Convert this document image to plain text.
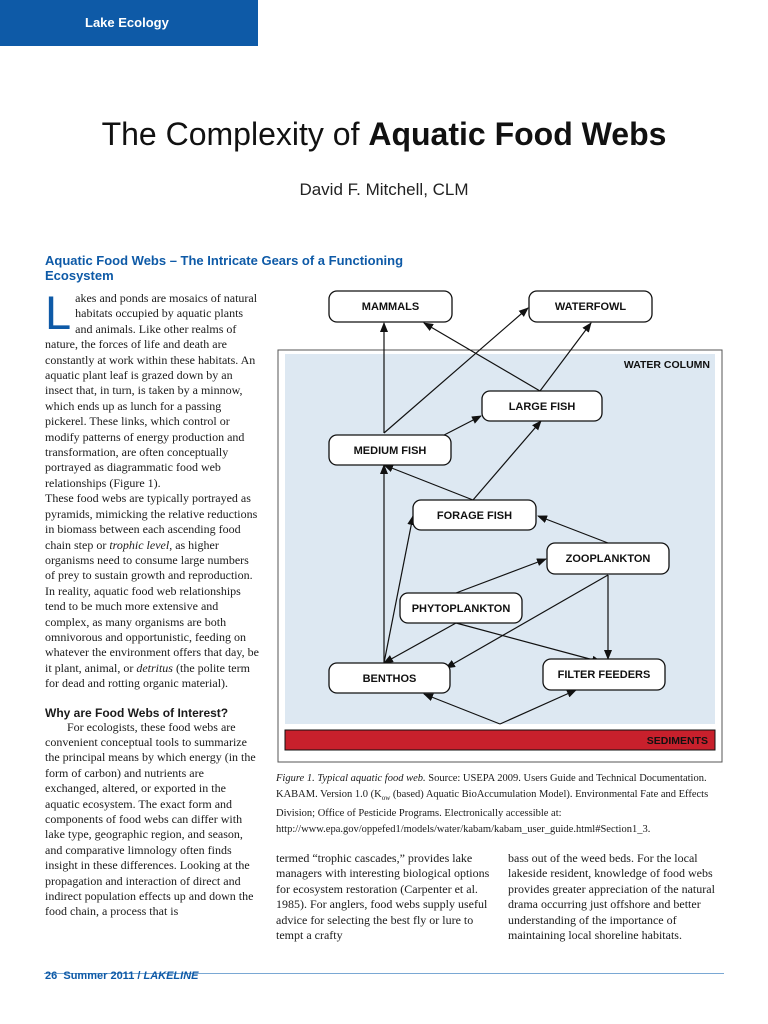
Lake Ecology
The Complexity of Aquatic Food Webs
David F. Mitchell, CLM
Aquatic Food Webs – The Intricate Gears of a Functioning Ecosystem

Lakes and ponds are mosaics of natural habitats occupied by aquatic plants and animals. Like other realms of nature, the forces of life and death are constantly at work within these habitats. An aquatic plant leaf is grazed down by an insect that, in turn, is taken by a minnow, which ends up as lunch for a passing pickerel. These links, which control or modify patterns of energy production and transformation, are often conceptually portrayed as diagrammatic food web relationships (Figure 1).

These food webs are typically portrayed as pyramids, mimicking the relative reductions in biomass between each ascending food chain step or trophic level, as higher organisms need to consume large numbers of prey to sustain growth and reproduction. In reality, aquatic food web relationships tend to be much more extensive and complex, as many organisms are both omnivorous and opportunistic, feeding on whatever the environment offers that day, be it plant, animal, or detritus (the polite term for dead and rotting organic material).

Why are Food Webs of Interest?

For ecologists, these food webs are convenient conceptual tools to summarize the principal means by which energy (in the form of carbon) and nutrients are exchanged, altered, or exported in the aquatic ecosystem. The exact form and components of food webs can differ with lake type, geographic region, and season, and comparative limnology often finds insight in these differences. Looking at the propagation and interaction of direct and indirect population effects up and down the food chain, a process that is

WATER COLUMN
SEDIMENTS
MAMMALS	WATERFOWL
LARGE FISH
MEDIUM FISH
FORAGE FISH
ZOOPLANKTON
PHYTOPLANKTON
BENTHOS	FILTER FEEDERS
Figure 1. Typical aquatic food web. Source: USEPA 2009. Users Guide and Technical Documentation. KABAM. Version 1.0 ($K_{ow}$ (based) Aquatic BioAccumulation Model). Environmental Fate and Effects Division; Office of Pesticide Programs. Electronically accessible at: http://www.epa.gov/oppefed1/models/water/kabam/kabam_user_guide.html#Section1_3.

termed “trophic cascades,” provides lake managers with interesting biological options for ecosystem restoration (Carpenter et al. 1985). For anglers, food webs supply useful advice for selecting the best fly or lure to tempt a crafty

bass out of the weed beds. For the local lakeside resident, knowledge of food webs provides greater appreciation of the natural drama occurring just offshore and better understanding of the importance of maintaining local shoreline habitats.

26 Summer 2011 / LAKELINE
